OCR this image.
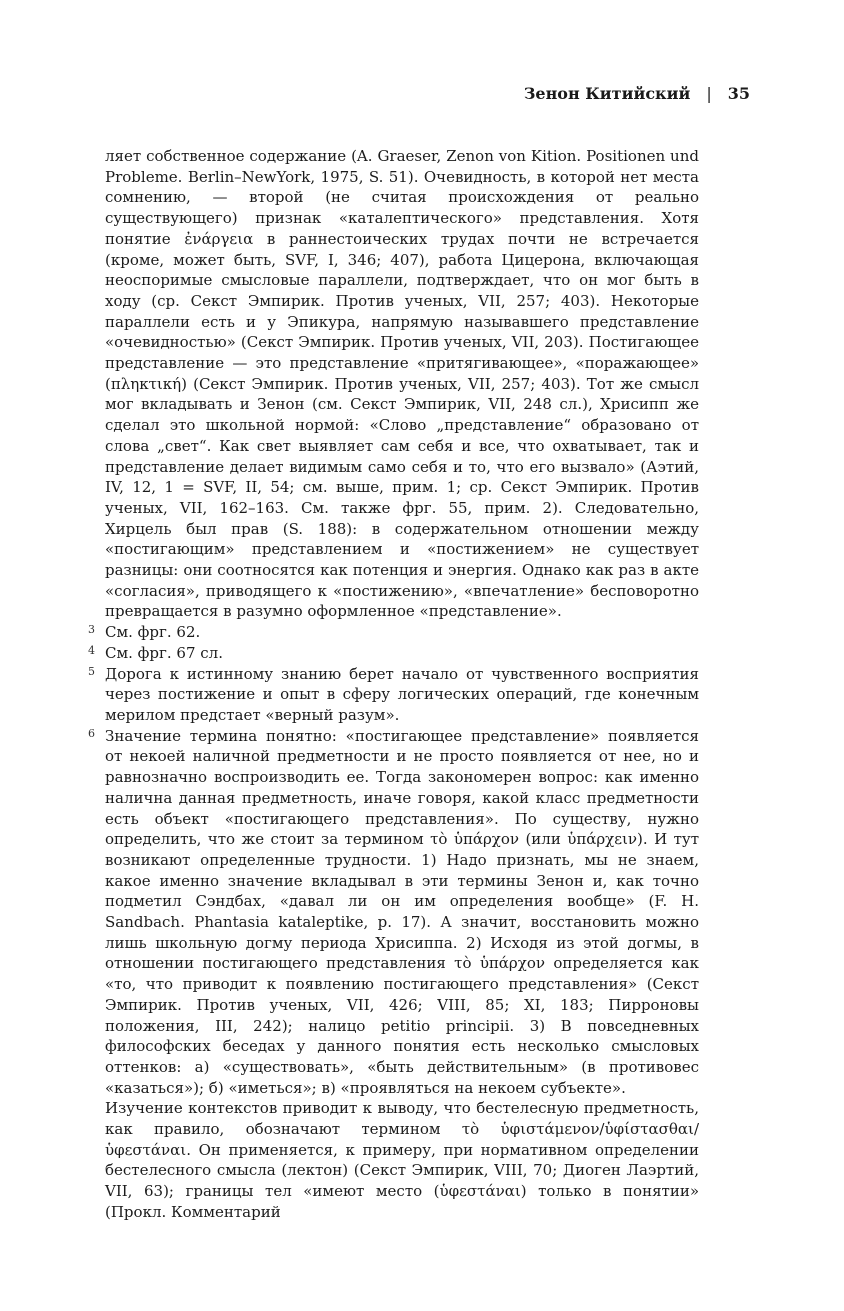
Зенон Китийский	|	35

ляет собственное содержание (A. Graeser, Zenon von Kition. Positionen und Probleme. Berlin–NewYork, 1975, S. 51). Очевидность, в которой нет места сомнению, — второй (не считая происхождения от реально существующего) признак «каталептического» представления. Хотя понятие ἐνάργεια в раннестоических трудах почти не встречается (кроме, может быть, SVF, I, 346; 407), работа Цицерона, включающая неоспоримые смысловые параллели, подтверждает, что он мог быть в ходу (ср. Секст Эмпирик. Против ученых, VII, 257; 403). Некоторые параллели есть и у Эпикура, напрямую называвшего представление «очевидностью» (Секст Эмпирик. Против ученых, VII, 203). Постигающее представление — это представление «притягивающее», «поражающее» (πληκτική) (Секст Эмпирик. Против ученых, VII, 257; 403). Тот же смысл мог вкладывать и Зенон (см. Секст Эмпирик, VII, 248 сл.), Хрисипп же сделал это школьной нормой: «Слово „представление“ образовано от слова „свет“. Как свет выявляет сам себя и все, что охватывает, так и представление делает видимым само себя и то, что его вызвало» (Аэтий, IV, 12, 1 = SVF, II, 54; см. выше, прим. 1; ср. Секст Эмпирик. Против ученых, VII, 162–163. См. также фрг. 55, прим. 2). Следовательно, Хирцель был прав (S. 188): в содержательном отношении между «постигающим» представлением и «постижением» не существует разницы: они соотносятся как потенция и энергия. Однако как раз в акте «согласия», приводящего к «постижению», «впечатление» бесповоротно превращается в разумно оформленное «представление».

3 См. фрг. 62.

4 См. фрг. 67 сл.

5 Дорога к истинному знанию берет начало от чувственного восприятия через постижение и опыт в сферу логических операций, где конечным мерилом предстает «верный разум».

6 Значение термина понятно: «постигающее представление» появляется от некоей наличной предметности и не просто появляется от нее, но и равнозначно воспроизводить ее. Тогда закономерен вопрос: как именно налична данная предметность, иначе говоря, какой класс предметности есть объект «постигающего представления». По существу, нужно определить, что же стоит за термином τὸ ὑπάρχον (или ὑπάρχειν). И тут возникают определенные трудности. 1) Надо признать, мы не знаем, какое именно значение вкладывал в эти термины Зенон и, как точно подметил Сэндбах, «давал ли он им определения вообще» (F. H. Sandbach. Phantasia kataleptike, p. 17). А значит, восстановить можно лишь школьную догму периода Хрисиппа. 2) Исходя из этой догмы, в отношении постигающего представления τὸ ὑπάρχον определяется как «то, что приводит к появлению постигающего представления» (Секст Эмпирик. Против ученых, VII, 426; VIII, 85; XI, 183; Пирроновы положения, III, 242); налицо petitio principii. 3) В повседневных философских беседах у данного понятия есть несколько смысловых оттенков: а) «существовать», «быть действительным» (в противовес «казаться»); б) «иметься»; в) «проявляться на некоем субъекте».

Изучение контекстов приводит к выводу, что бестелесную предметность, как правило, обозначают термином τὸ ὑφιστάμενον/ὑφίστασθαι/ὑφεστάναι. Он применяется, к примеру, при нормативном определении бестелесного смысла (лектон) (Секст Эмпирик, VIII, 70; Диоген Лаэртий, VII, 63); границы тел «имеют место (ὑφεστάναι) только в понятии» (Прокл. Комментарий
